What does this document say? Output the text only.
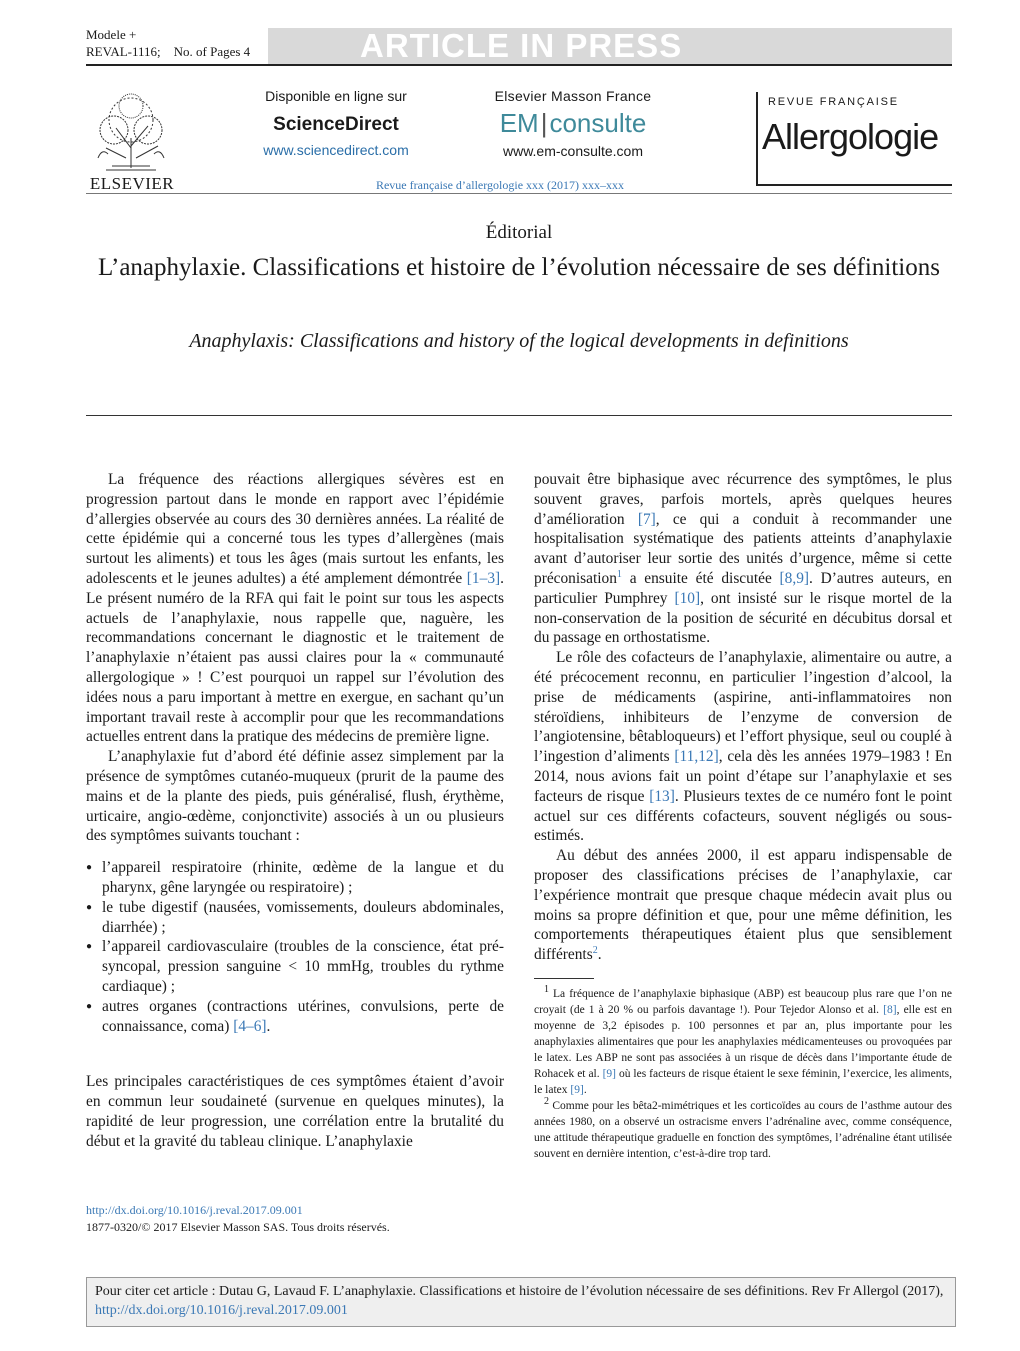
Modele +
REVAL-1116; No. of Pages 4	ARTICLE IN PRESS
ELSEVIER
Disponible en ligne sur
ScienceDirect
www.sciencedirect.com
Elsevier Masson France
EM|consulte
www.em-consulte.com
Revue française d’allergologie xxx (2017) xxx–xxx
REVUE FRANÇAISE
Allergologie
Éditorial
L’anaphylaxie. Classifications et histoire de l’évolution nécessaire de ses définitions
Anaphylaxis: Classifications and history of the logical developments in definitions

La fréquence des réactions allergiques sévères est en progression partout dans le monde en rapport avec l’épidémie d’allergies observée au cours des 30 dernières années. La réalité de cette épidémie qui a concerné tous les types d’allergènes (mais surtout les aliments) et tous les âges (mais surtout les enfants, les adolescents et le jeunes adultes) a été amplement démontrée [1–3]. Le présent numéro de la RFA qui fait le point sur tous les aspects actuels de l’anaphylaxie, nous rappelle que, naguère, les recommandations concernant le diagnostic et le traitement de l’anaphylaxie n’étaient pas aussi claires pour la « communauté allergologique » ! C’est pourquoi un rappel sur l’évolution des idées nous a paru important à mettre en exergue, en sachant qu’un important travail reste à accomplir pour que les recommandations actuelles entrent dans la pratique des médecins de première ligne.

L’anaphylaxie fut d’abord été définie assez simplement par la présence de symptômes cutanéo-muqueux (prurit de la paume des mains et de la plante des pieds, puis généralisé, flush, érythème, urticaire, angio-œdème, conjonctivite) associés à un ou plusieurs des symptômes suivants touchant :

● l’appareil respiratoire (rhinite, œdème de la langue et du pharynx, gêne laryngée ou respiratoire) ;
● le tube digestif (nausées, vomissements, douleurs abdominales, diarrhée) ;
● l’appareil cardiovasculaire (troubles de la conscience, état pré-syncopal, pression sanguine < 10 mmHg, troubles du rythme cardiaque) ;
● autres organes (contractions utérines, convulsions, perte de connaissance, coma) [4–6].

Les principales caractéristiques de ces symptômes étaient d’avoir en commun leur soudaineté (survenue en quelques minutes), la rapidité de leur progression, une corrélation entre la brutalité du début et la gravité du tableau clinique. L’anaphylaxie

pouvait être biphasique avec récurrence des symptômes, le plus souvent graves, parfois mortels, après quelques heures d’amélioration [7], ce qui a conduit à recommander une hospitalisation systématique des patients atteints d’anaphylaxie avant d’autoriser leur sortie des unités d’urgence, même si cette préconisation$^1$ a ensuite été discutée [8,9]. D’autres auteurs, en particulier Pumphrey [10], ont insisté sur le risque mortel de la non-conservation de la position de sécurité en décubitus dorsal et du passage en orthostatisme.

Le rôle des cofacteurs de l’anaphylaxie, alimentaire ou autre, a été précocement reconnu, en particulier l’ingestion d’alcool, la prise de médicaments (aspirine, anti-inflammatoires non stéroïdiens, inhibiteurs de l’enzyme de conversion de l’angiotensine, bêtabloqueurs) et l’effort physique, seul ou couplé à l’ingestion d’aliments [11,12], cela dès les années 1979–1983 ! En 2014, nous avions fait un point d’étape sur l’anaphylaxie et ses facteurs de risque [13]. Plusieurs textes de ce numéro font le point actuel sur ces différents cofacteurs, souvent négligés ou sous-estimés.

Au début des années 2000, il est apparu indispensable de proposer des classifications précises de l’anaphylaxie, car l’expérience montrait que presque chaque médecin avait plus ou moins sa propre définition et que, pour une même définition, les comportements thérapeutiques étaient plus que sensiblement différents$^2$.

$^1$ La fréquence de l’anaphylaxie biphasique (ABP) est beaucoup plus rare que l’on ne croyait (de 1 à 20 % ou parfois davantage !). Pour Tejedor Alonso et al. [8], elle est en moyenne de 3,2 épisodes p. 100 personnes et par an, plus importante pour les anaphylaxies alimentaires que pour les anaphylaxies médicamenteuses ou provoquées par le latex. Les ABP ne sont pas associées à un risque de décès dans l’importante étude de Rohacek et al. [9] où les facteurs de risque étaient le sexe féminin, l’exercice, les aliments, le latex [9].

$^2$ Comme pour les bêta2-mimétriques et les corticoïdes au cours de l’asthme autour des années 1980, on a observé un ostracisme envers l’adrénaline avec, comme conséquence, une attitude thérapeutique graduelle en fonction des symptômes, l’adrénaline étant utilisée souvent en dernière intention, c’est-à-dire trop tard.

http://dx.doi.org/10.1016/j.reval.2017.09.001
1877-0320/© 2017 Elsevier Masson SAS. Tous droits réservés.
Pour citer cet article : Dutau G, Lavaud F. L’anaphylaxie. Classifications et histoire de l’évolution nécessaire de ses définitions. Rev Fr Allergol (2017), http://dx.doi.org/10.1016/j.reval.2017.09.001
